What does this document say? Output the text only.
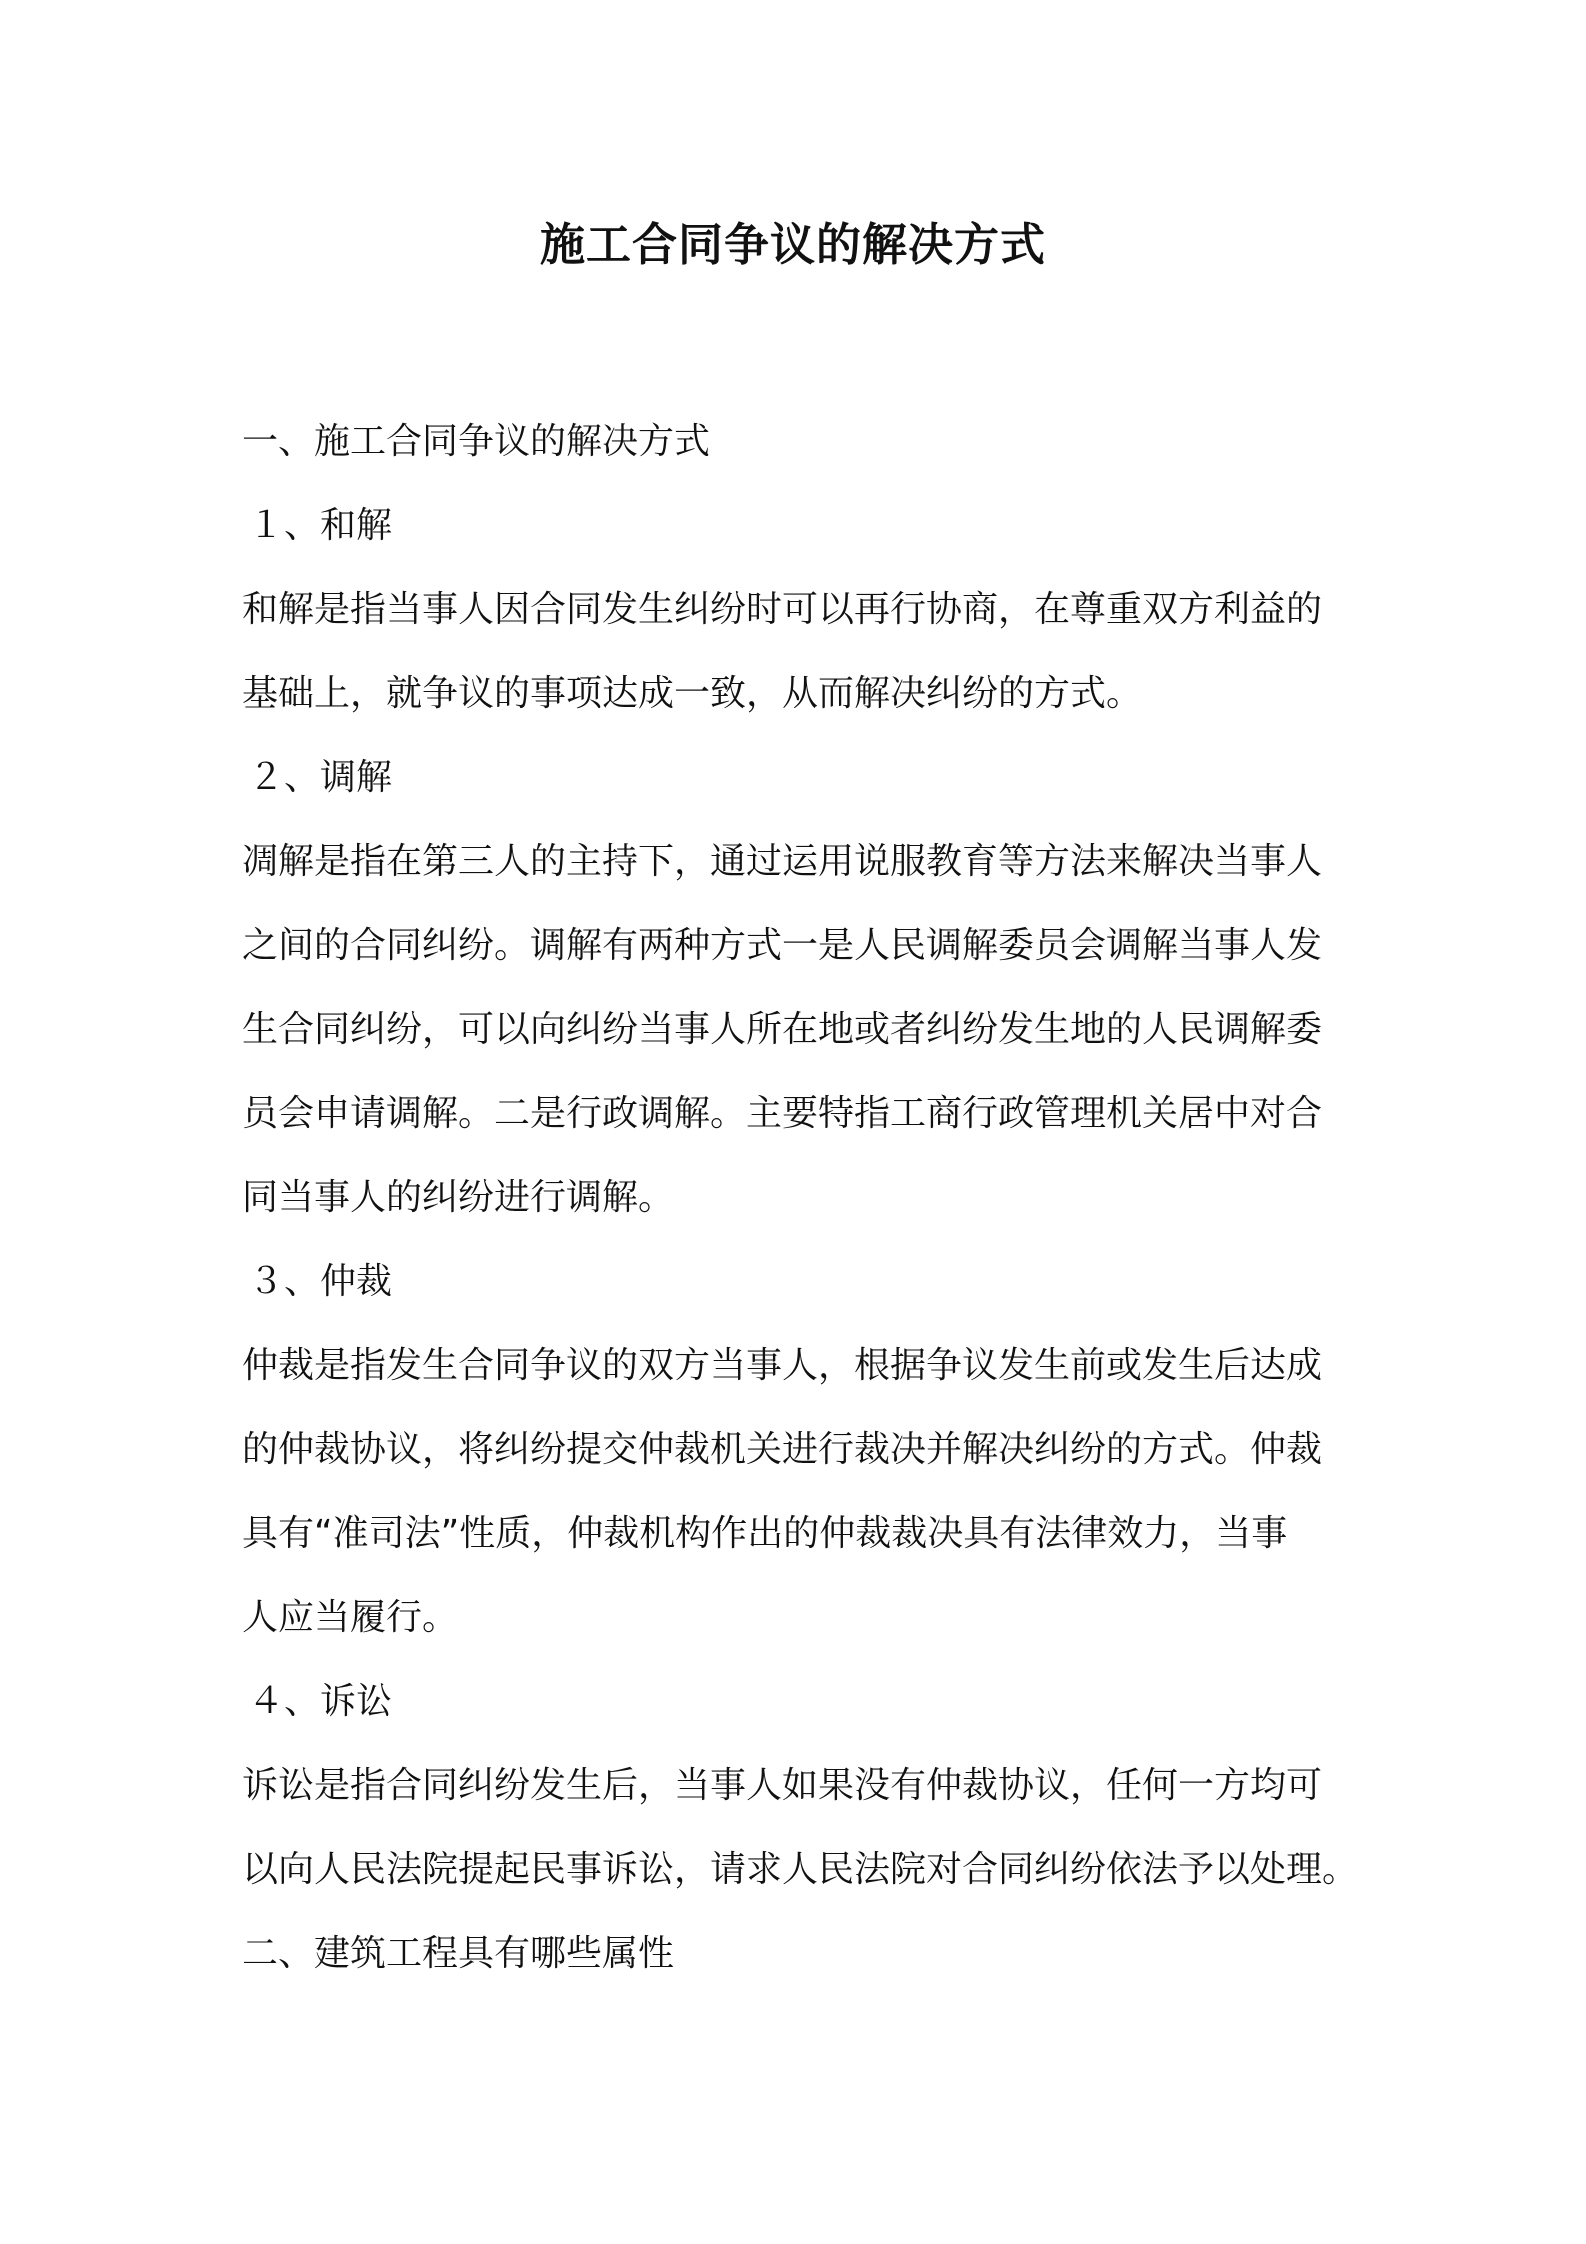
施工合同争议的解决方式

一、施工合同争议的解决方式

１、和解

和解是指当事人因合同发生纠纷时可以再行协商，在尊重双方利益的

基础上，就争议的事项达成一致，从而解决纠纷的方式。

２、调解

凋解是指在第三人的主持下，通过运用说服教育等方法来解决当事人

之间的合同纠纷。调解有两种方式一是人民调解委员会调解当事人发

生合同纠纷，可以向纠纷当事人所在地或者纠纷发生地的人民调解委

员会申请调解。二是行政调解。主要特指工商行政管理机关居中对合

同当事人的纠纷进行调解。

３、仲裁

仲裁是指发生合同争议的双方当事人，根据争议发生前或发生后达成

的仲裁协议，将纠纷提交仲裁机关进行裁决并解决纠纷的方式。仲裁

具有“准司法”性质，仲裁机构作出的仲裁裁决具有法律效力，当事

人应当履行。

４、诉讼

诉讼是指合同纠纷发生后，当事人如果没有仲裁协议，任何一方均可

以向人民法院提起民事诉讼，请求人民法院对合同纠纷依法予以处理。

二、建筑工程具有哪些属性
